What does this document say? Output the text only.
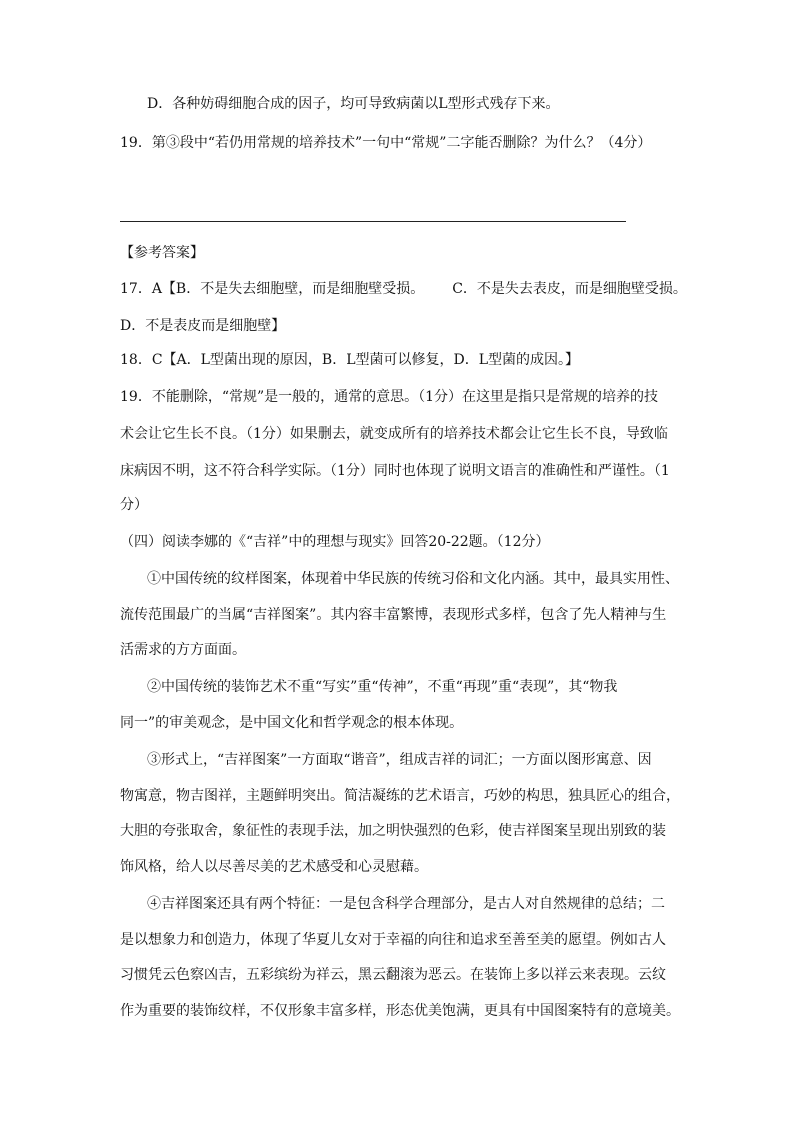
D．各种妨碍细胞合成的因子，均可导致病菌以L型形式残存下来。
19．第③段中“若仍用常规的培养技术”一句中“常规”二字能否删除？为什么？（4分）
【参考答案】
17．A【B．不是失去细胞壁，而是细胞壁受损。 C．不是失去表皮，而是细胞壁受损。
D．不是表皮而是细胞壁】
18．C【A．L型菌出现的原因，B．L型菌可以修复，D．L型菌的成因。】
19．不能删除，“常规”是一般的，通常的意思。（1分）在这里是指只是常规的培养的技
术会让它生长不良。（1分）如果删去，就变成所有的培养技术都会让它生长不良，导致临
床病因不明，这不符合科学实际。（1分）同时也体现了说明文语言的准确性和严谨性。（1
分）
（四）阅读李娜的《“吉祥”中的理想与现实》回答20-22题。（12分）
①中国传统的纹样图案，体现着中华民族的传统习俗和文化内涵。其中，最具实用性、
流传范围最广的当属“吉祥图案”。其内容丰富繁博，表现形式多样，包含了先人精神与生
活需求的方方面面。
②中国传统的装饰艺术不重“写实”重“传神”，不重“再现”重“表现”，其“物我
同一”的审美观念，是中国文化和哲学观念的根本体现。
③形式上，“吉祥图案”一方面取“谐音”，组成吉祥的词汇；一方面以图形寓意、因
物寓意，物吉图祥，主题鲜明突出。简洁凝练的艺术语言，巧妙的构思，独具匠心的组合，
大胆的夸张取舍，象征性的表现手法，加之明快强烈的色彩，使吉祥图案呈现出别致的装
饰风格，给人以尽善尽美的艺术感受和心灵慰藉。
④吉祥图案还具有两个特征：一是包含科学合理部分，是古人对自然规律的总结；二
是以想象力和创造力，体现了华夏儿女对于幸福的向往和追求至善至美的愿望。例如古人
习惯凭云色察凶吉，五彩缤纷为祥云，黑云翻滚为恶云。在装饰上多以祥云来表现。云纹
作为重要的装饰纹样，不仅形象丰富多样，形态优美饱满，更具有中国图案特有的意境美。
